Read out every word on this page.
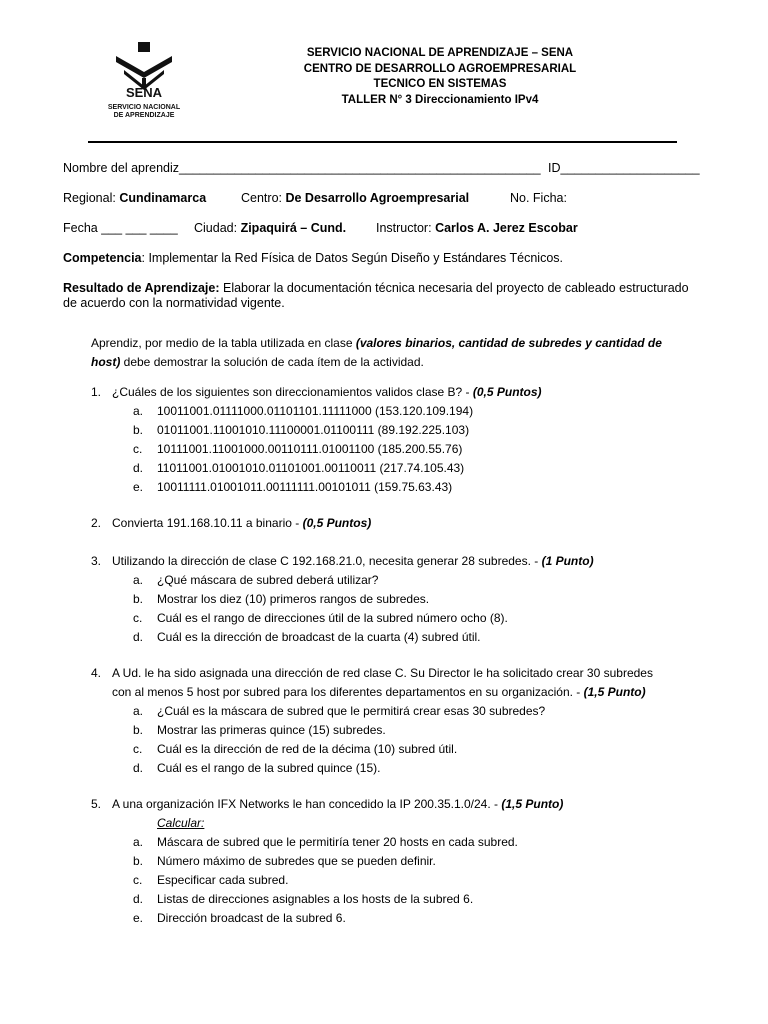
SENA
SERVICIO NACIONAL
DE APRENDIZAJE
SERVICIO NACIONAL DE APRENDIZAJE – SENA
CENTRO DE DESARROLLO AGROEMPRESARIAL
TECNICO EN SISTEMAS
TALLER N° 3 Direccionamiento IPv4
Nombre del aprendiz____________________________________________________ ID____________________
Regional: Cundinamarca	Centro: De Desarrollo Agroempresarial	No. Ficha:
Fecha ___ ___ ____ Ciudad: Zipaquirá – Cund. Instructor: Carlos A. Jerez Escobar
Competencia: Implementar la Red Física de Datos Según Diseño y Estándares Técnicos.
Resultado de Aprendizaje: Elaborar la documentación técnica necesaria del proyecto de cableado estructurado
de acuerdo con la normatividad vigente.
Aprendiz, por medio de la tabla utilizada en clase (valores binarios, cantidad de subredes y cantidad de
host) debe demostrar la solución de cada ítem de la actividad.
1. ¿Cuáles de los siguientes son direccionamientos validos clase B? - (0,5 Puntos)
a. 10011001.01111000.01101101.11111000 (153.120.109.194)
b. 01011001.11001010.11100001.01100111 (89.192.225.103)
c. 10111001.11001000.00110111.01001100 (185.200.55.76)
d. 11011001.01001010.01101001.00110011 (217.74.105.43)
e. 10011111.01001011.00111111.00101011 (159.75.63.43)
2. Convierta 191.168.10.11 a binario - (0,5 Puntos)
3. Utilizando la dirección de clase C 192.168.21.0, necesita generar 28 subredes. - (1 Punto)
a. ¿Qué máscara de subred deberá utilizar?
b. Mostrar los diez (10) primeros rangos de subredes.
c. Cuál es el rango de direcciones útil de la subred número ocho (8).
d. Cuál es la dirección de broadcast de la cuarta (4) subred útil.
4. A Ud. le ha sido asignada una dirección de red clase C. Su Director le ha solicitado crear 30 subredes
con al menos 5 host por subred para los diferentes departamentos en su organización. - (1,5 Punto)
a. ¿Cuál es la máscara de subred que le permitirá crear esas 30 subredes?
b. Mostrar las primeras quince (15) subredes.
c. Cuál es la dirección de red de la décima (10) subred útil.
d. Cuál es el rango de la subred quince (15).
5. A una organización IFX Networks le han concedido la IP 200.35.1.0/24. - (1,5 Punto)
Calcular:
a. Máscara de subred que le permitiría tener 20 hosts en cada subred.
b. Número máximo de subredes que se pueden definir.
c. Especificar cada subred.
d. Listas de direcciones asignables a los hosts de la subred 6.
e. Dirección broadcast de la subred 6.
